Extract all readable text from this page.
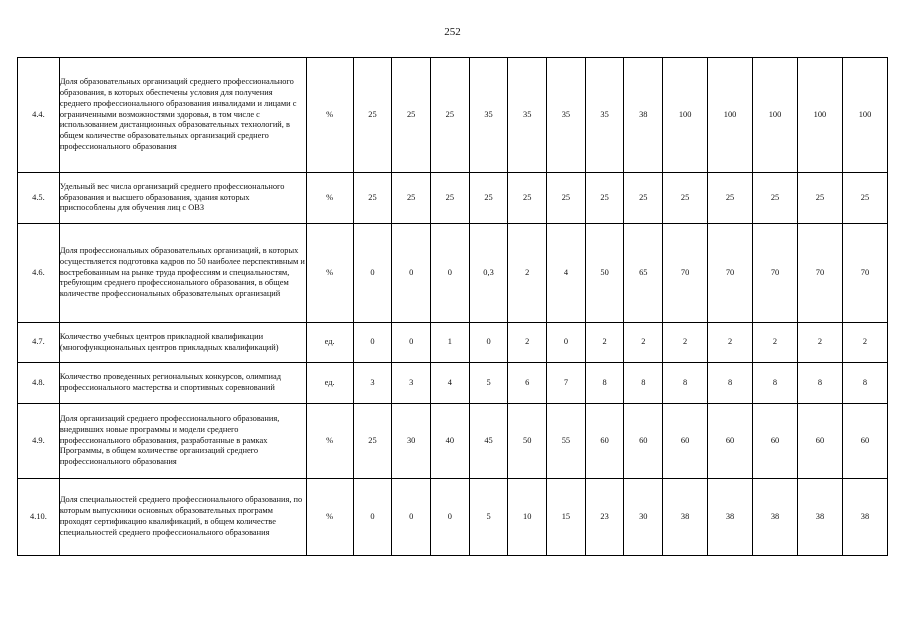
252
4.4.	Доля образовательных организаций среднего профессионального образования, в которых обеспечены условия для получения среднего профессионального образования инвалидами и лицами с ограниченными возможностями здоровья, в том числе с использованием дистанционных образовательных технологий, в общем количестве образовательных организаций среднего профессионального образования	%	25	25	25	35	35	35	35	38	100	100	100	100	100
4.5.	Удельный вес числа организаций среднего профессионального образования и высшего образования, здания которых приспособлены для обучения лиц с ОВЗ	%	25	25	25	25	25	25	25	25	25	25	25	25	25
4.6.	Доля профессиональных образовательных организаций, в которых осуществляется подготовка кадров по 50 наиболее перспективным и востребованным на рынке труда профессиям и специальностям, требующим среднего профессионального образования, в общем количестве профессиональных образовательных организаций	%	0	0	0	0,3	2	4	50	65	70	70	70	70	70
4.7.	Количество учебных центров прикладной квалификации (многофункциональных центров прикладных квалификаций)	ед.	0	0	1	0	2	0	2	2	2	2	2	2	2
4.8.	Количество проведенных региональных конкурсов, олимпиад профессионального мастерства и спортивных соревнований	ед.	3	3	4	5	6	7	8	8	8	8	8	8	8
4.9.	Доля организаций среднего профессионального образования, внедривших новые программы и модели среднего профессионального образования, разработанные в рамках Программы, в общем количестве организаций среднего профессионального образования	%	25	30	40	45	50	55	60	60	60	60	60	60	60
4.10.	Доля специальностей среднего профессионального образования, по которым выпускники основных образовательных программ проходят сертификацию квалификаций, в общем количестве специальностей среднего профессионального образования	%	0	0	0	5	10	15	23	30	38	38	38	38	38
